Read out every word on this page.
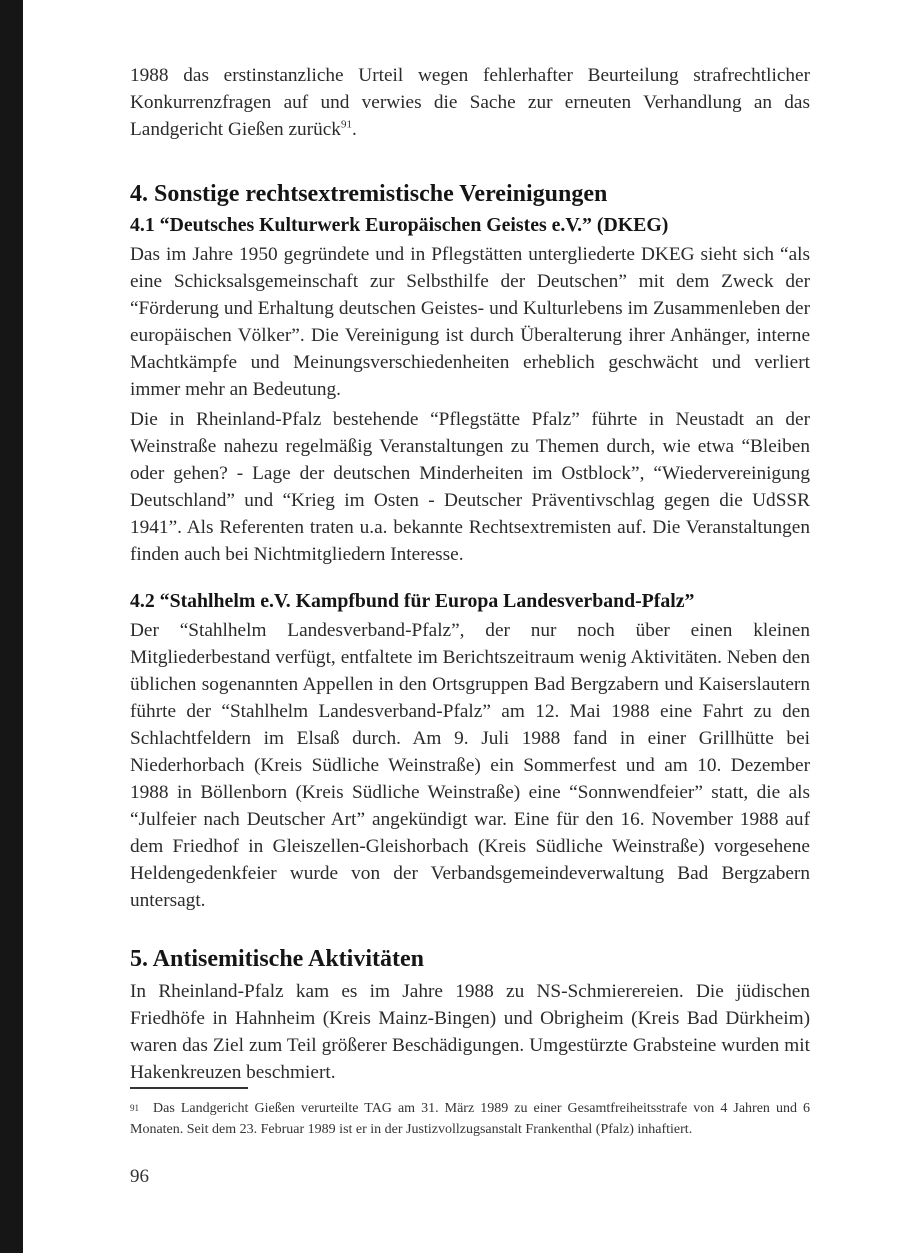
1988 das erstinstanzliche Urteil wegen fehlerhafter Beurteilung strafrechtlicher Konkurrenzfragen auf und verwies die Sache zur erneuten Verhandlung an das Landgericht Gießen zurück$^{91}$.

4. Sonstige rechtsextremistische Vereinigungen
4.1 “Deutsches Kulturwerk Europäischen Geistes e.V.” (DKEG)

Das im Jahre 1950 gegründete und in Pflegstätten untergliederte DKEG sieht sich “als eine Schicksalsgemeinschaft zur Selbsthilfe der Deutschen” mit dem Zweck der “Förderung und Erhaltung deutschen Geistes- und Kulturlebens im Zusammenleben der europäischen Völker”. Die Vereinigung ist durch Überalterung ihrer Anhänger, interne Machtkämpfe und Meinungsverschiedenheiten erheblich geschwächt und verliert immer mehr an Bedeutung.

Die in Rheinland-Pfalz bestehende “Pflegstätte Pfalz” führte in Neustadt an der Weinstraße nahezu regelmäßig Veranstaltungen zu Themen durch, wie etwa “Bleiben oder gehen? - Lage der deutschen Minderheiten im Ostblock”, “Wiedervereinigung Deutschland” und “Krieg im Osten - Deutscher Präventivschlag gegen die UdSSR 1941”. Als Referenten traten u.a. bekannte Rechtsextremisten auf. Die Veranstaltungen finden auch bei Nichtmitgliedern Interesse.

4.2 “Stahlhelm e.V. Kampfbund für Europa Landesverband-Pfalz”

Der “Stahlhelm Landesverband-Pfalz”, der nur noch über einen kleinen Mitgliederbestand verfügt, entfaltete im Berichtszeitraum wenig Aktivitäten. Neben den üblichen sogenannten Appellen in den Ortsgruppen Bad Bergzabern und Kaiserslautern führte der “Stahlhelm Landesverband-Pfalz” am 12. Mai 1988 eine Fahrt zu den Schlachtfeldern im Elsaß durch. Am 9. Juli 1988 fand in einer Grillhütte bei Niederhorbach (Kreis Südliche Weinstraße) ein Sommerfest und am 10. Dezember 1988 in Böllenborn (Kreis Südliche Weinstraße) eine “Sonnwendfeier” statt, die als “Julfeier nach Deutscher Art” angekündigt war. Eine für den 16. November 1988 auf dem Friedhof in Gleiszellen-Gleishorbach (Kreis Südliche Weinstraße) vorgesehene Heldengedenkfeier wurde von der Verbandsgemeindeverwaltung Bad Bergzabern untersagt.

5. Antisemitische Aktivitäten

In Rheinland-Pfalz kam es im Jahre 1988 zu NS-Schmierereien. Die jüdischen Friedhöfe in Hahnheim (Kreis Mainz-Bingen) und Obrigheim (Kreis Bad Dürkheim) waren das Ziel zum Teil größerer Beschädigungen. Umgestürzte Grabsteine wurden mit Hakenkreuzen beschmiert.

$^{91}$ Das Landgericht Gießen verurteilte TAG am 31. März 1989 zu einer Gesamtfreiheitsstrafe von 4 Jahren und 6 Monaten. Seit dem 23. Februar 1989 ist er in der Justizvollzugsanstalt Frankenthal (Pfalz) inhaftiert.
96
